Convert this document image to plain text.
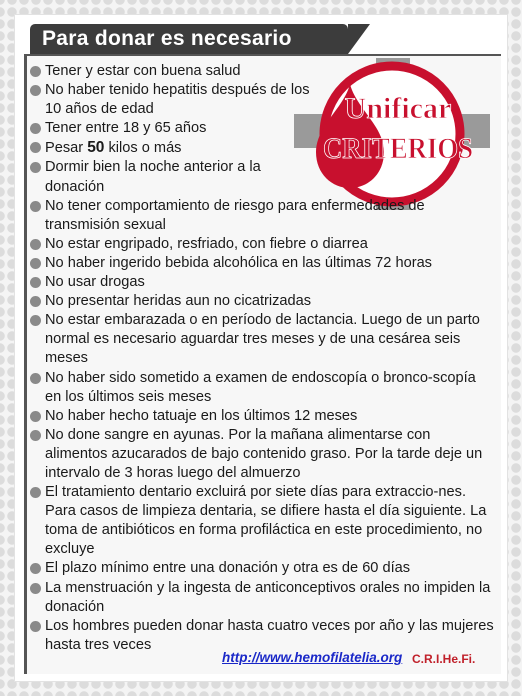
Para donar es necesario
Unificar
CRITERIOS
Tener y estar con buena salud
No haber tenido hepatitis después de los 10 años de edad
Tener entre 18 y 65 años
Pesar 50 kilos o más
Dormir bien la noche anterior a la donación
No tener comportamiento de riesgo para enfermedades de transmisión sexual
No estar engripado, resfriado, con fiebre o diarrea
No haber ingerido bebida alcohólica en las últimas 72 horas
No usar drogas
No presentar heridas aun no cicatrizadas
No estar embarazada o en período de lactancia. Luego de un parto normal es necesario aguardar tres meses y de una cesárea seis meses
No haber sido sometido a examen de endoscopía o bronco-scopía en los últimos seis meses
No haber hecho tatuaje en los últimos 12 meses
No done sangre en ayunas. Por la mañana alimentarse con alimentos azucarados de bajo contenido graso. Por la tarde deje un intervalo de 3 horas luego del almuerzo
El tratamiento dentario excluirá por siete días para extraccio-nes. Para casos de limpieza dentaria, se difiere hasta el día siguiente. La toma de antibióticos en forma profiláctica en este procedimiento, no excluye
El plazo mínimo entre una donación y otra es de 60 días
La menstruación y la ingesta de anticonceptivos orales no impiden la donación
Los hombres pueden donar hasta cuatro veces por año y las mujeres hasta tres veces
http://www.hemofilatelia.org C.R.I.He.Fi.
